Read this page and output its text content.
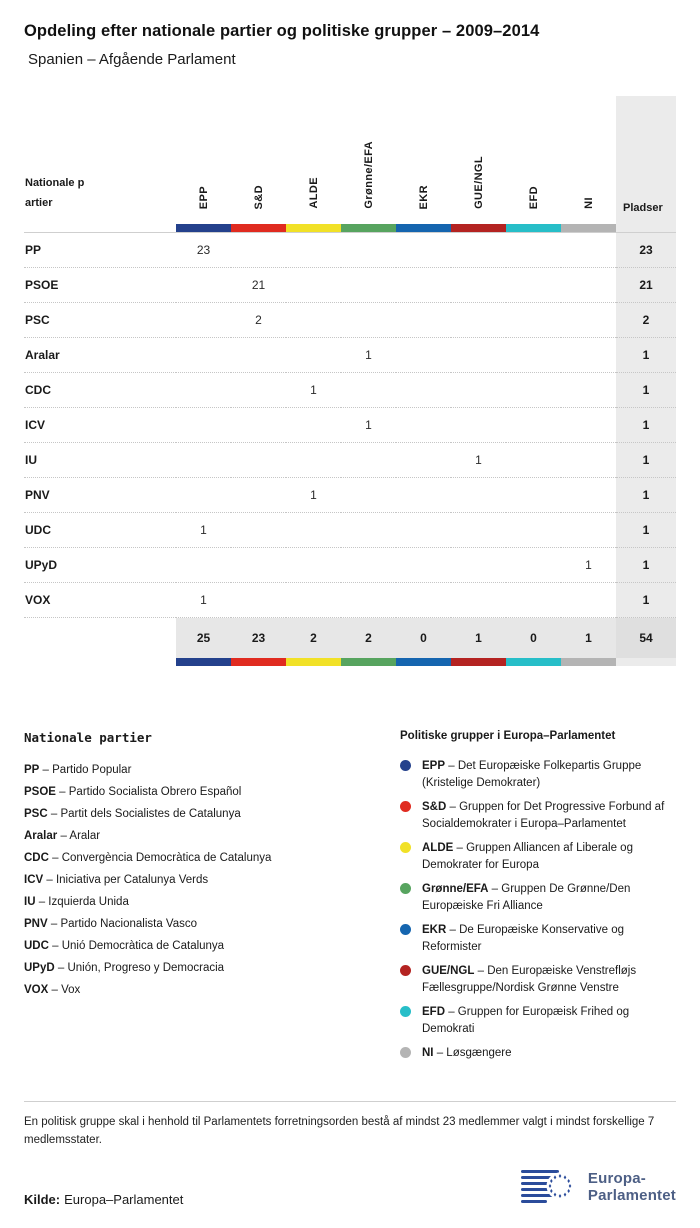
Opdeling efter nationale partier og politiske grupper – 2009–2014
Spanien – Afgående Parlament
Nationale partier	EPP	S&D	ALDE	Grønne/EFA	EKR	GUE/NGL	EFD	NI	Pladser

PP	23								23
PSOE		21							21
PSC		2							2
Aralar				1					1
CDC			1						1
ICV				1					1
IU						1			1
PNV			1						1
UDC	1								1
UPyD								1	1
VOX	1								1
	25	23	2	2	0	1	0	1	54

Nationale partier
PP – Partido Popular
PSOE – Partido Socialista Obrero Español
PSC – Partit dels Socialistes de Catalunya
Aralar – Aralar
CDC – Convergència Democràtica de Catalunya
ICV – Iniciativa per Catalunya Verds
IU – Izquierda Unida
PNV – Partido Nacionalista Vasco
UDC – Unió Democràtica de Catalunya
UPyD – Unión, Progreso y Democracia
VOX – Vox
Politiske grupper i Europa–Parlamentet
EPP – Det Europæiske Folkepartis Gruppe (Kristelige Demokrater)
S&D – Gruppen for Det Progressive Forbund af Socialdemokrater i Europa–Parlamentet
ALDE – Gruppen Alliancen af Liberale og Demokrater for Europa
Grønne/EFA – Gruppen De Grønne/Den Europæiske Fri Alliance
EKR – De Europæiske Konservative og Reformister
GUE/NGL – Den Europæiske Venstrefløjs Fællesgruppe/Nordisk Grønne Venstre
EFD – Gruppen for Europæisk Frihed og Demokrati
NI – Løsgængere

En politisk gruppe skal i henhold til Parlamentets forretningsorden bestå af mindst 23 medlemmer valgt i mindst forskellige 7 medlemsstater.

Kilde: Europa–Parlamentet
Europa-
Parlamentet
